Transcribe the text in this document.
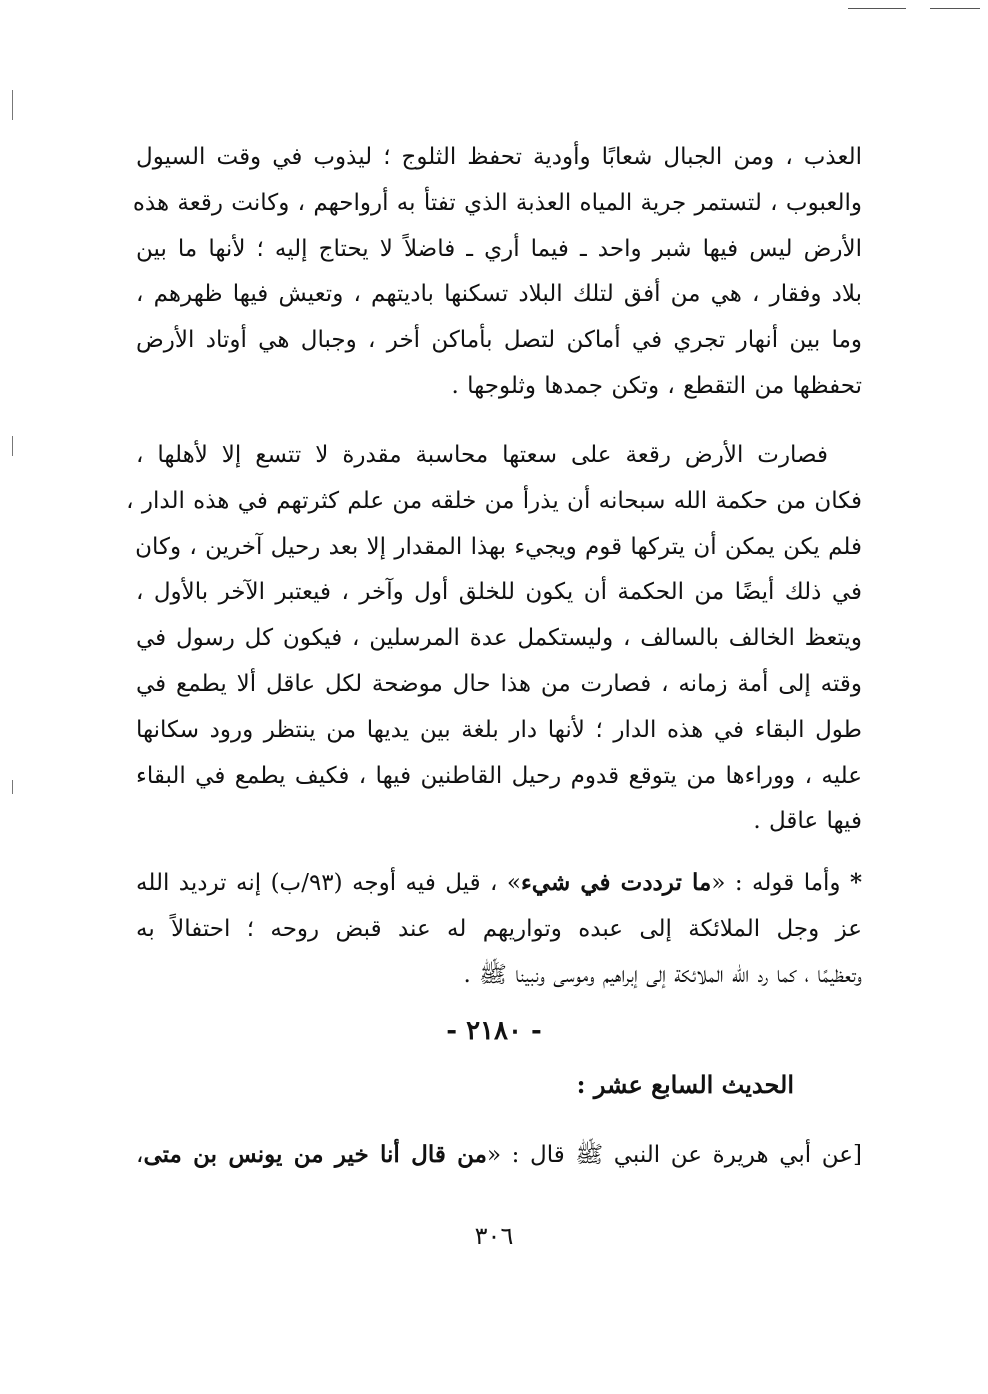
العذب ، ومن الجبال شعابًا وأودية تحفظ الثلوج ؛ ليذوب في وقت السيول
والعبوب ، لتستمر جرية المياه العذبة الذي تفتأ به أرواحهم ، وكانت رقعة هذه
الأرض ليس فيها شبر واحد ـ فيما أري ـ فاضلاً لا يحتاج إليه ؛ لأنها ما بين
بلاد وفقار ، هي من أفق لتلك البلاد تسكنها باديتهم ، وتعيش فيها ظهرهم ،
وما بين أنهار تجري في أماكن لتصل بأماكن أخر ، وجبال هي أوتاد الأرض
تحفظها من التقطع ، وتكن جمدها وثلوجها .
فصارت الأرض رقعة على سعتها محاسبة مقدرة لا تتسع إلا لأهلها ،
فكان من حكمة الله سبحانه أن يذرأ من خلقه من علم كثرتهم في هذه الدار ،
فلم يكن يمكن أن يتركها قوم ويجيء بهذا المقدار إلا بعد رحيل آخرين ، وكان
في ذلك أيضًا من الحكمة أن يكون للخلق أول وآخر ، فيعتبر الآخر بالأول ،
ويتعظ الخالف بالسالف ، وليستكمل عدة المرسلين ، فيكون كل رسول في
وقته إلى أمة زمانه ، فصارت من هذا حال موضحة لكل عاقل ألا يطمع في
طول البقاء في هذه الدار ؛ لأنها دار بلغة بين يديها من ينتظر ورود سكانها
عليه ، ووراءها من يتوقع قدوم رحيل القاطنين فيها ، فكيف يطمع في البقاء
فيها عاقل .
* وأما قوله : «ما ترددت في شيء» ، قيل فيه أوجه (٩٣/ب) إنه ترديد الله
عز وجل الملائكة إلى عبده وتواريهم له عند قبض روحه ؛ احتفالاً به
وتعظيمًا ، كما رد الله الملائكة إلى إبراهيم وموسى ونبينا ﷺ .
- ٢١٨٠ -
الحديث السابع عشر :
[عن أبي هريرة عن النبي ﷺ قال : «من قال أنا خير من يونس بن متى،
٣٠٦
